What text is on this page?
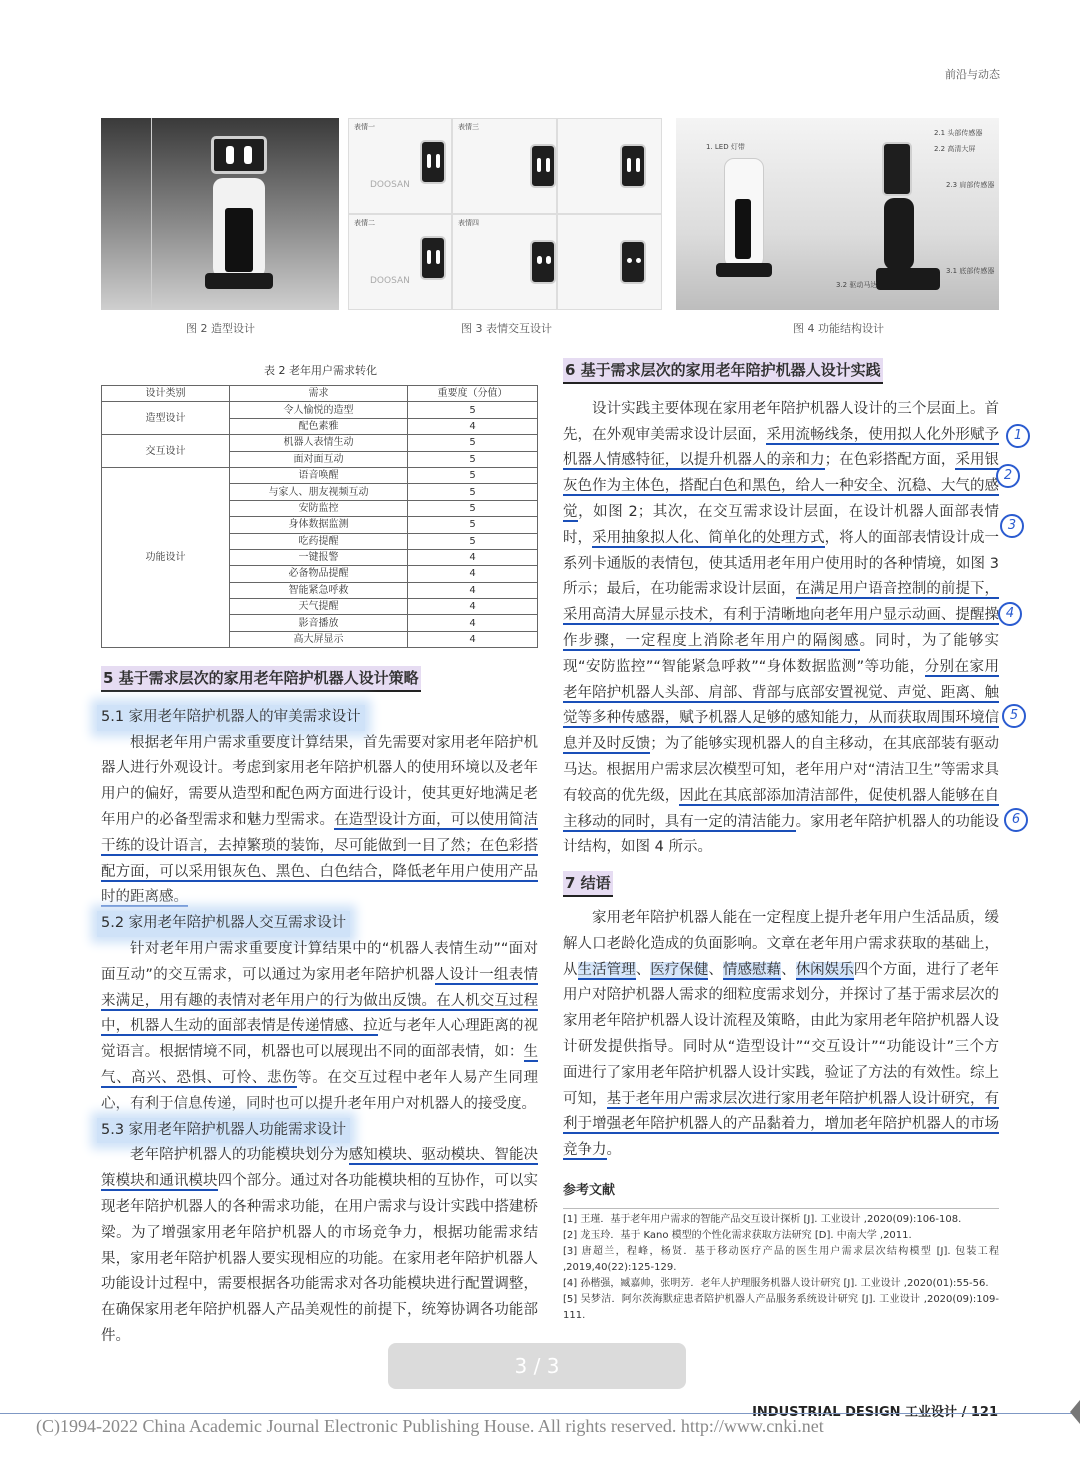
前沿与动态
图 2 造型设计
表情一	表情三
表情二	表情四
DOOSAN
DOOSAN
图 3 表情交互设计
2.1 头部传感器
2.2 高清大屏
1. LED 灯带
2.3 肩部传感器
3.1 底部传感器
3.2 驱动马达
图 4 功能结构设计
表 2 老年用户需求转化
设计类别	需求	重要度（分值）
造型设计	令人愉悦的造型	5
	配色素雅	4
交互设计	机器人表情生动	5
	面对面互动	5
功能设计	语音唤醒	5
	与家人、朋友视频互动	5
	安防监控	5
	身体数据监测	5
	吃药提醒	5
	一键报警	4
	必备物品提醒	4
	智能紧急呼救	4
	天气提醒	4
	影音播放	4
	高大屏显示	4
5 基于需求层次的家用老年陪护机器人设计策略
5.1 家用老年陪护机器人的审美需求设计

根据老年用户需求重要度计算结果，首先需要对家用老年陪护机器人进行外观设计。考虑到家用老年陪护机器人的使用环境以及老年用户的偏好，需要从造型和配色两方面进行设计，使其更好地满足老年用户的必备型需求和魅力型需求。在造型设计方面，可以使用简洁干练的设计语言，去掉繁琐的装饰，尽可能做到一目了然；在色彩搭配方面，可以采用银灰色、黑色、白色结合，降低老年用户使用产品时的距离感。

5.2 家用老年陪护机器人交互需求设计

针对老年用户需求重要度计算结果中的“机器人表情生动”“面对面互动”的交互需求，可以通过为家用老年陪护机器人设计一组表情来满足，用有趣的表情对老年用户的行为做出反馈。在人机交互过程中，机器人生动的面部表情是传递情感、拉近与老年人心理距离的视觉语言。根据情境不同，机器也可以展现出不同的面部表情，如：生气、高兴、恐惧、可怜、悲伤等。在交互过程中老年人易产生同理心，有利于信息传递，同时也可以提升老年用户对机器人的接受度。

5.3 家用老年陪护机器人功能需求设计

老年陪护机器人的功能模块划分为感知模块、驱动模块、智能决策模块和通讯模块四个部分。通过对各功能模块相的互协作，可以实现老年陪护机器人的各种需求功能，在用户需求与设计实践中搭建桥梁。为了增强家用老年陪护机器人的市场竞争力，根据功能需求结果，家用老年陪护机器人要实现相应的功能。在家用老年陪护机器人功能设计过程中，需要根据各功能需求对各功能模块进行配置调整，在确保家用老年陪护机器人产品美观性的前提下，统筹协调各功能部件。

6 基于需求层次的家用老年陪护机器人设计实践

设计实践主要体现在家用老年陪护机器人设计的三个层面上。首先，在外观审美需求设计层面，采用流畅线条，使用拟人化外形赋予机器人情感特征，以提升机器人的亲和力；在色彩搭配方面，采用银灰色作为主体色，搭配白色和黑色，给人一种安全、沉稳、大气的感觉，如图 2；其次，在交互需求设计层面，在设计机器人面部表情时，采用抽象拟人化、简单化的处理方式，将人的面部表情设计成一系列卡通版的表情包，使其适用老年用户使用时的各种情境，如图 3 所示；最后，在功能需求设计层面，在满足用户语音控制的前提下，采用高清大屏显示技术，有利于清晰地向老年用户显示动画、提醒操作步骤，一定程度上消除老年用户的隔阂感。同时，为了能够实现“安防监控”“智能紧急呼救”“身体数据监测”等功能，分别在家用老年陪护机器人头部、肩部、背部与底部安置视觉、声觉、距离、触觉等多种传感器，赋予机器人足够的感知能力，从而获取周围环境信息并及时反馈；为了能够实现机器人的自主移动，在其底部装有驱动马达。根据用户需求层次模型可知，老年用户对“清洁卫生”等需求具有较高的优先级，因此在其底部添加清洁部件，促使机器人能够在自主移动的同时，具有一定的清洁能力。家用老年陪护机器人的功能设计结构，如图 4 所示。

7 结语

家用老年陪护机器人能在一定程度上提升老年用户生活品质，缓解人口老龄化造成的负面影响。文章在老年用户需求获取的基础上，从生活管理、医疗保健、情感慰藉、休闲娱乐四个方面，进行了老年用户对陪护机器人需求的细粒度需求划分，并探讨了基于需求层次的家用老年陪护机器人设计流程及策略，由此为家用老年陪护机器人设计研发提供指导。同时从“造型设计”“交互设计”“功能设计”三个方面进行了家用老年陪护机器人设计实践，验证了方法的有效性。综上可知，基于老年用户需求层次进行家用老年陪护机器人设计研究，有利于增强老年陪护机器人的产品黏着力，增加老年陪护机器人的市场竞争力。

参考文献
[1] 王瑾．基于老年用户需求的智能产品交互设计探析 [J]. 工业设计 ,2020(09):106-108.
[2] 龙玉玲．基于 Kano 模型的个性化需求获取方法研究 [D]. 中南大学 ,2011.
[3] 唐超兰，程峰，杨贤．基于移动医疗产品的医生用户需求层次结构模型 [J]. 包装工程 ,2019,40(22):125-129.
[4] 孙楷强，臧嘉帅，张明芳．老年人护理服务机器人设计研究 [J]. 工业设计 ,2020(01):55-56.
[5] 吴梦洁．阿尔茨海默症患者陪护机器人产品服务系统设计研究 [J]. 工业设计 ,2020(09):109-111.
1
2
3
4
5
6
3 / 3
INDUSTRIAL DESIGN 工业设计 / 121
(C)1994-2022 China Academic Journal Electronic Publishing House. All rights reserved. http://www.cnki.net
